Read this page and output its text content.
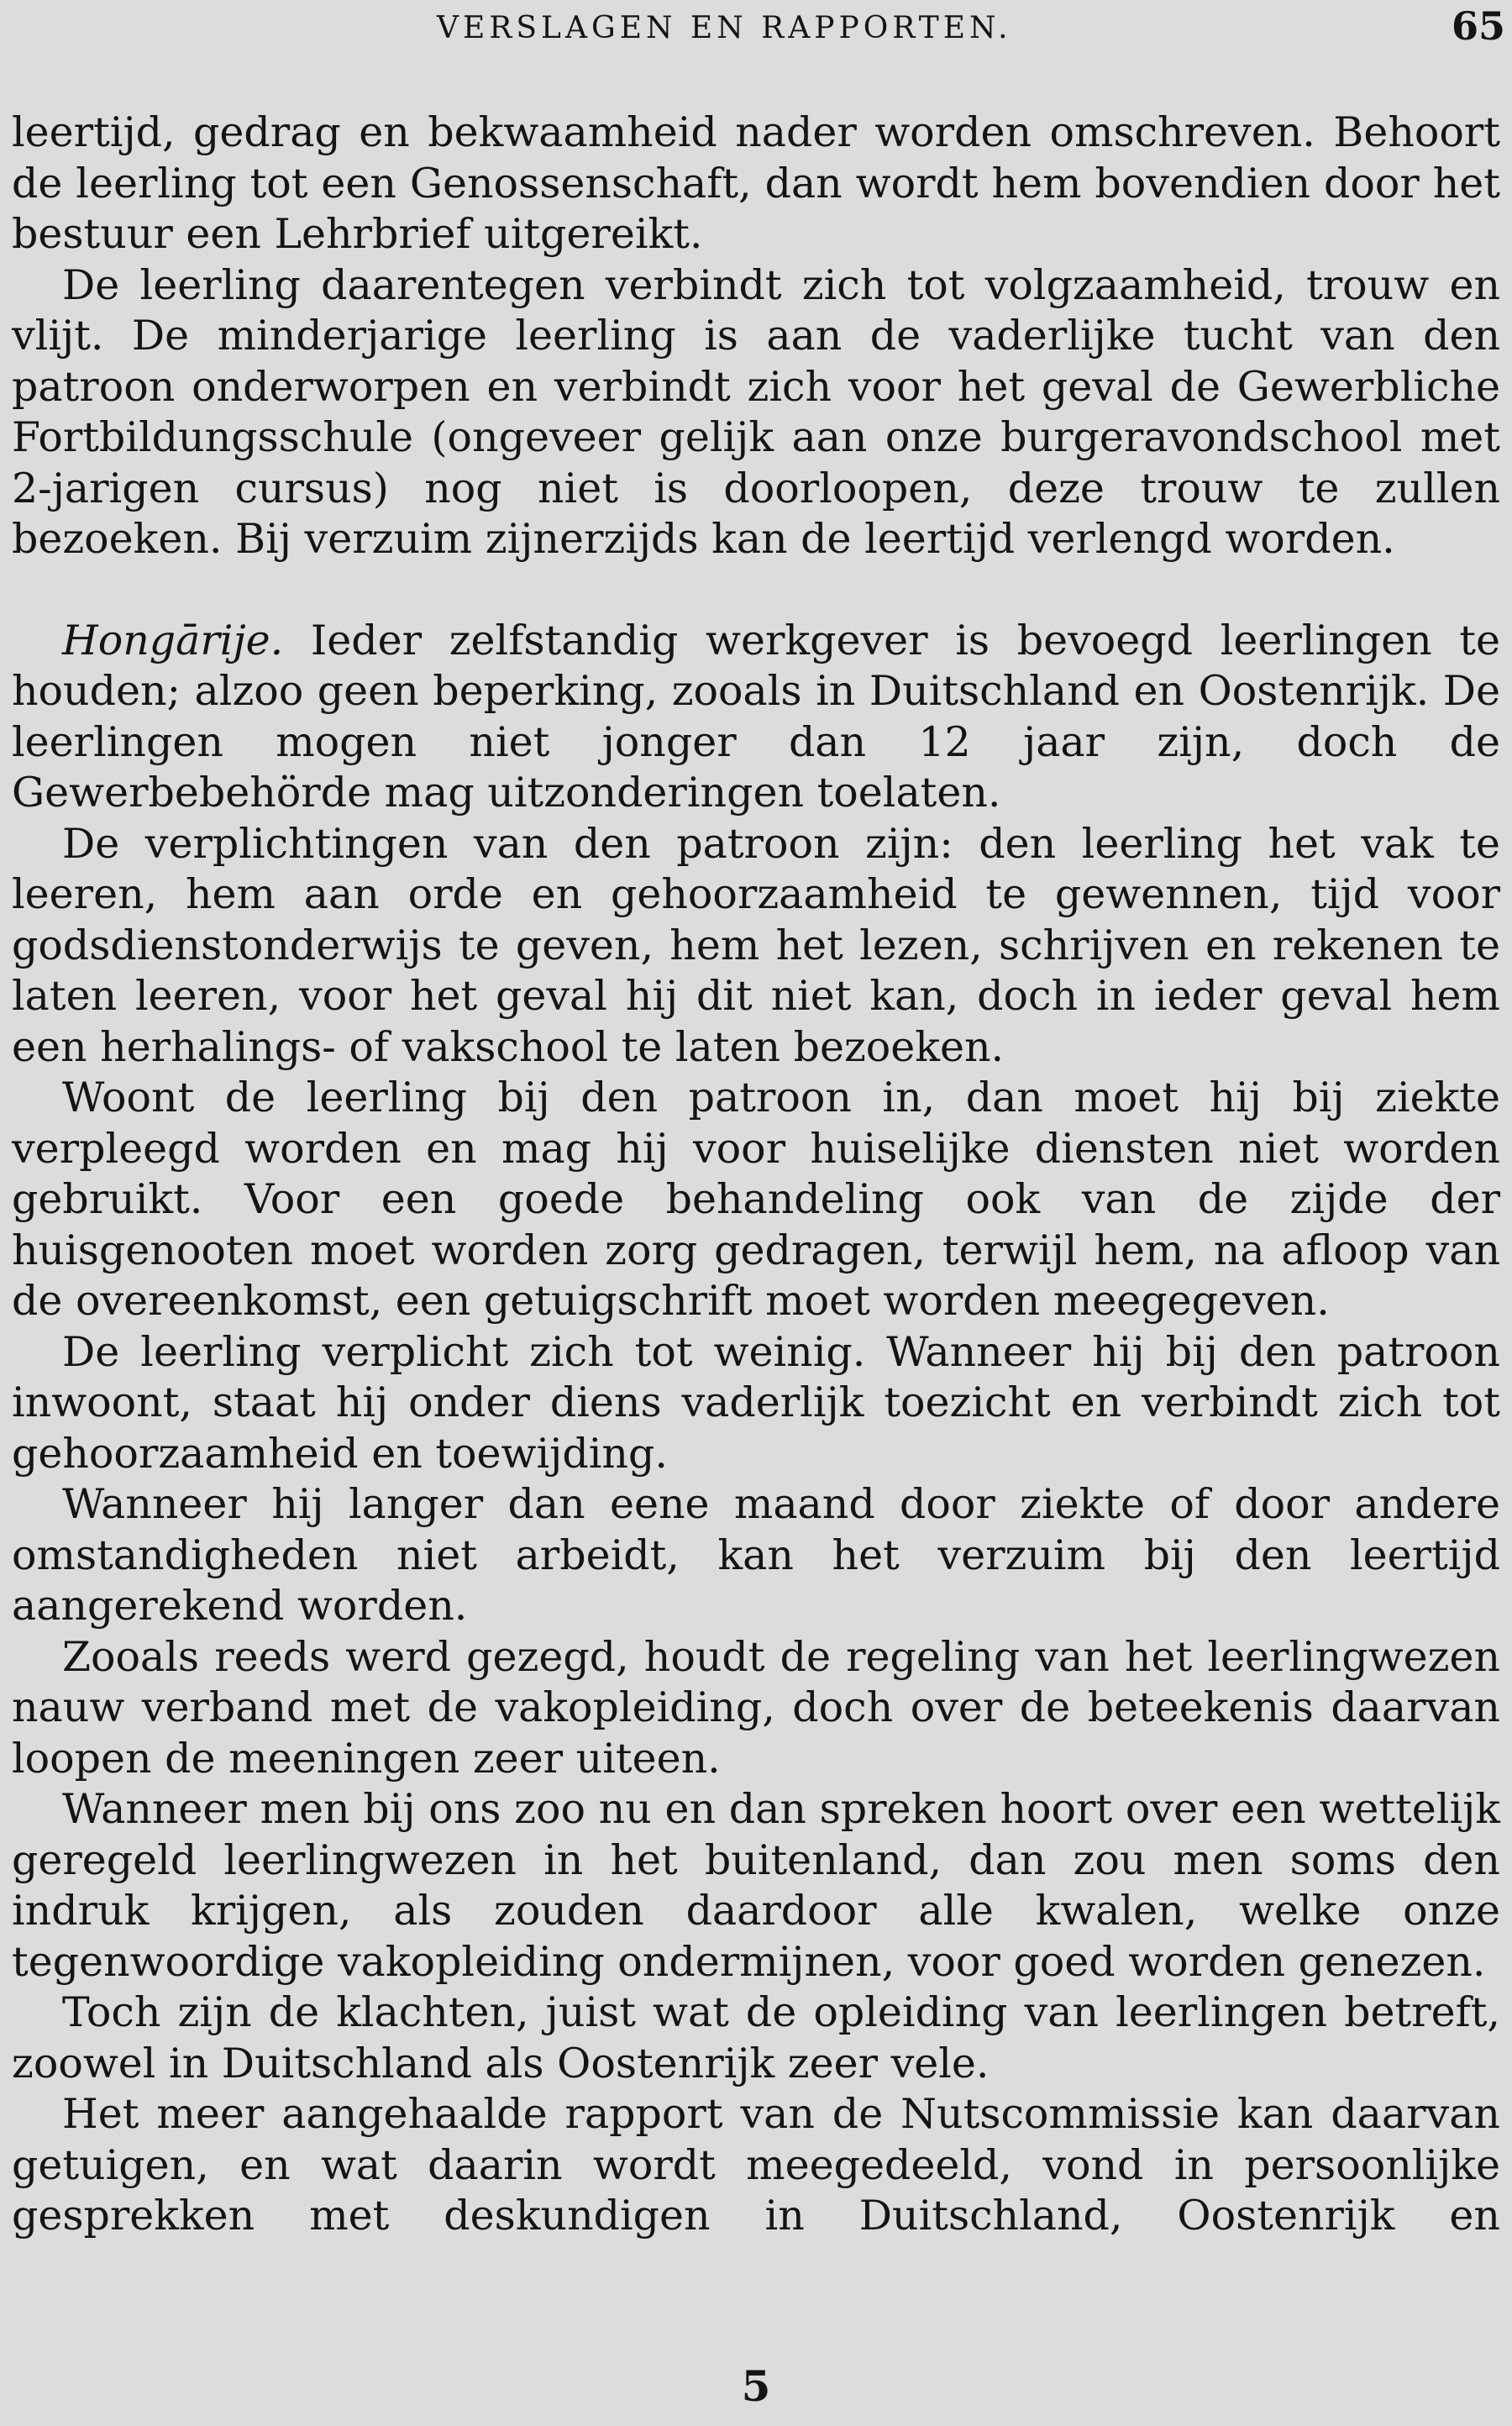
VERSLAGEN EN RAPPORTEN.	65

leertijd, gedrag en bekwaamheid nader worden omschreven. Behoort de leerling tot een Genossenschaft, dan wordt hem bovendien door het bestuur een Lehrbrief uitgereikt.

De leerling daarentegen verbindt zich tot volgzaamheid, trouw en vlijt. De minderjarige leerling is aan de vaderlijke tucht van den patroon onderworpen en verbindt zich voor het geval de Gewerbliche Fortbildungsschule (ongeveer gelijk aan onze burgeravondschool met 2-jarigen cursus) nog niet is doorloopen, deze trouw te zullen bezoeken. Bij verzuim zijnerzijds kan de leertijd verlengd worden.

Hongārije. Ieder zelfstandig werkgever is bevoegd leerlingen te houden; alzoo geen beperking, zooals in Duitschland en Oostenrijk. De leerlingen mogen niet jonger dan 12 jaar zijn, doch de Gewerbebehörde mag uitzonderingen toelaten.

De verplichtingen van den patroon zijn: den leerling het vak te leeren, hem aan orde en gehoorzaamheid te gewennen, tijd voor godsdienstonderwijs te geven, hem het lezen, schrijven en rekenen te laten leeren, voor het geval hij dit niet kan, doch in ieder geval hem een herhalings- of vakschool te laten bezoeken.

Woont de leerling bij den patroon in, dan moet hij bij ziekte verpleegd worden en mag hij voor huiselijke diensten niet worden gebruikt. Voor een goede behandeling ook van de zijde der huisgenooten moet worden zorg gedragen, terwijl hem, na afloop van de overeenkomst, een getuigschrift moet worden meegegeven.

De leerling verplicht zich tot weinig. Wanneer hij bij den patroon inwoont, staat hij onder diens vaderlijk toezicht en verbindt zich tot gehoorzaamheid en toewijding.

Wanneer hij langer dan eene maand door ziekte of door andere omstandigheden niet arbeidt, kan het verzuim bij den leertijd aangerekend worden.

Zooals reeds werd gezegd, houdt de regeling van het leerlingwezen nauw verband met de vakopleiding, doch over de beteekenis daarvan loopen de meeningen zeer uiteen.

Wanneer men bij ons zoo nu en dan spreken hoort over een wettelijk geregeld leerlingwezen in het buitenland, dan zou men soms den indruk krijgen, als zouden daardoor alle kwalen, welke onze tegenwoordige vakopleiding ondermijnen, voor goed worden genezen.

Toch zijn de klachten, juist wat de opleiding van leerlingen betreft, zoowel in Duitschland als Oostenrijk zeer vele.

Het meer aangehaalde rapport van de Nutscommissie kan daarvan getuigen, en wat daarin wordt meegedeeld, vond in persoonlijke gesprekken met deskundigen in Duitschland, Oostenrijk en

5
